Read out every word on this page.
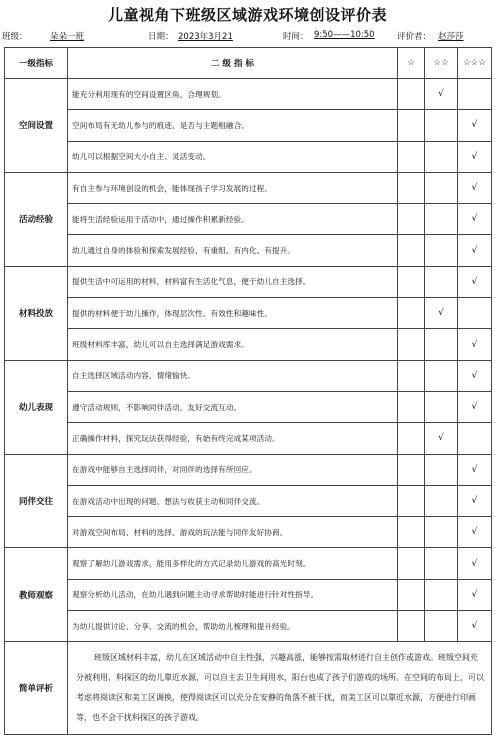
儿童视角下班级区域游戏环境创设评价表
班级：	朵朵一班	日期： 2023年3月21	时间： 9:50——10:50	评价者： 赵莎莎
一级指标	二 级 指 标	☆	☆☆	☆☆☆
空间设置	能充分利用现有的空间设置区角，合理规划。		√	
	空间布局有无幼儿参与的痕迹、是否与主题相融合。			√
	幼儿可以根据空间大小自主、灵活变动。			√
活动经验	有自主参与环境创设的机会，能体现孩子学习发展的过程。			√
	能将生活经验运用于活动中，通过操作积累新经验。			√
	幼儿通过自身的体验和探索发展经验，有重组、有内化、有提升。			√
材料投放	提供生活中可运用的材料，材料富有生活化气息，便于幼儿自主选择。			√
	提供的材料便于幼儿操作，体现层次性、有效性和趣味性。		√	
	班级材料库丰富，幼儿可以自主选择满足游戏需求。			√
幼儿表现	自主选择区域活动内容，情绪愉快。			√
	遵守活动规则，不影响同伴活动，友好交流互动。			√
	正确操作材料，探究玩法获得经验，有始有终完成某项活动。		√	
同伴交往	在游戏中能够自主选择同伴，对同伴的选择有所回应。			√
	在游戏活动中出现的问题、想法与收获主动和同伴交流。			√
	对游戏空间布局、材料的选择、游戏的玩法能与同伴友好协商。			√
教师观察	观察了解幼儿游戏需求，能用多样化的方式记录幼儿游戏的高光时刻。			√
	观察分析幼儿活动，在幼儿遇到问题主动寻求帮助时能进行针对性指导。			√
	为幼儿提供讨论、分享、交流的机会，帮助幼儿梳理和提升经验。			√
简单评析	班级区域材料丰富，幼儿在区域活动中自主性强，兴趣高涨，能够按需取材进行自主创作或游戏。班级空间充分被利用，科探区的幼儿靠近水源，可以自主去卫生间用水，阳台也成了孩子们游戏的场所。在空间的布局上，可以考虑将阅读区和美工区调换，使得阅读区可以充分在安静的角落不被干扰，而美工区可以靠近水源，方便进行印画等，也不会干扰科探区的孩子游戏。			
